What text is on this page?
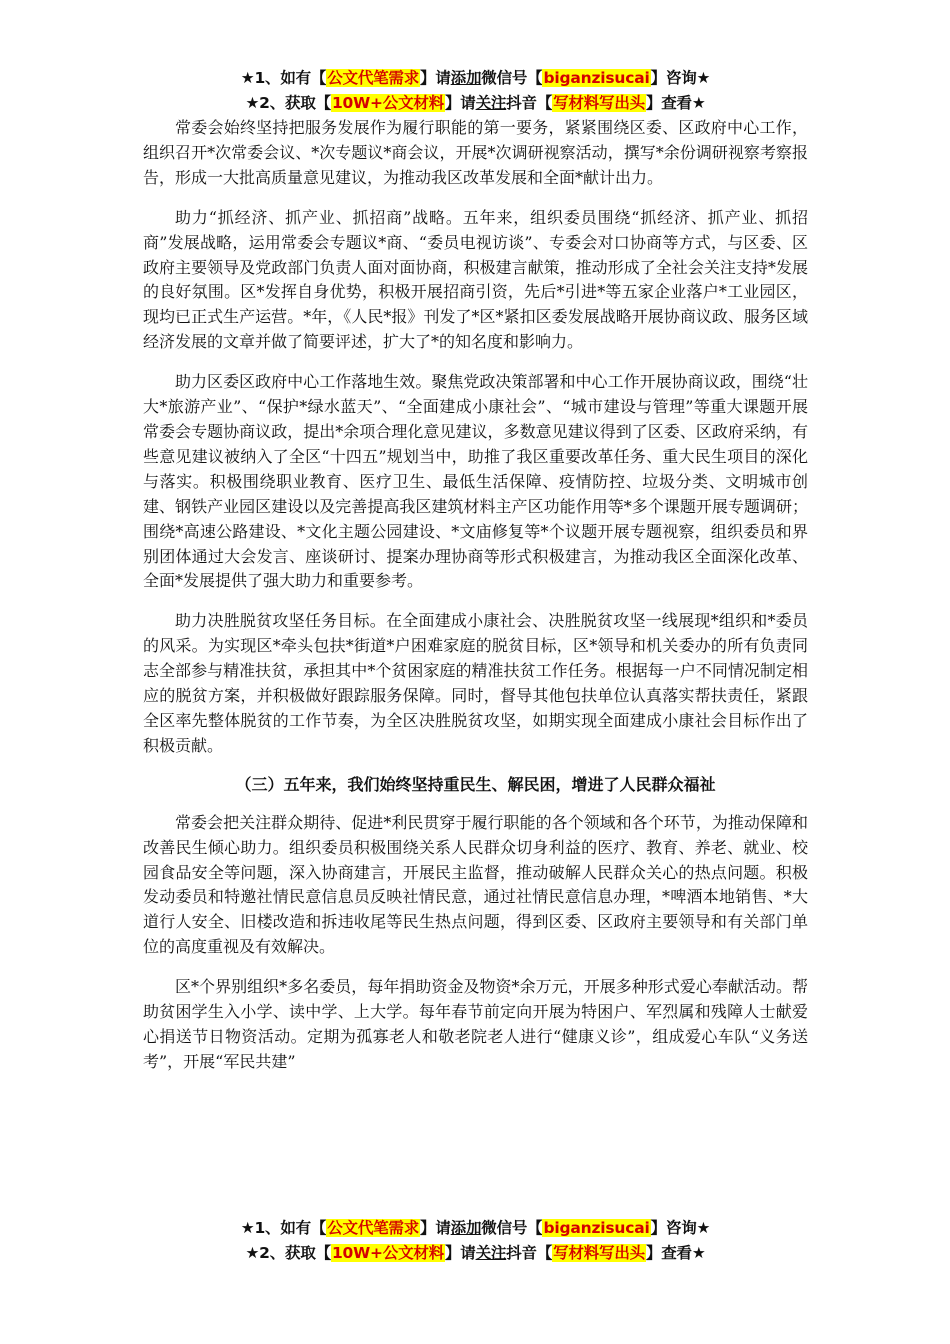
★1、如有【公文代笔需求】请添加微信号【biganzisucai】咨询★
★2、获取【10W+公文材料】请关注抖音【写材料写出头】查看★

常委会始终坚持把服务发展作为履行职能的第一要务，紧紧围绕区委、区政府中心工作，组织召开*次常委会议、*次专题议*商会议，开展*次调研视察活动，撰写*余份调研视察考察报告，形成一大批高质量意见建议，为推动我区改革发展和全面*献计出力。

助力“抓经济、抓产业、抓招商”战略。五年来，组织委员围绕“抓经济、抓产业、抓招商”发展战略，运用常委会专题议*商、“委员电视访谈”、专委会对口协商等方式，与区委、区政府主要领导及党政部门负责人面对面协商，积极建言献策，推动形成了全社会关注支持*发展的良好氛围。区*发挥自身优势，积极开展招商引资，先后*引进*等五家企业落户*工业园区，现均已正式生产运营。*年，《人民*报》刊发了*区*紧扣区委发展战略开展协商议政、服务区域经济发展的文章并做了简要评述，扩大了*的知名度和影响力。

助力区委区政府中心工作落地生效。聚焦党政决策部署和中心工作开展协商议政，围绕“壮大*旅游产业”、“保护*绿水蓝天”、“全面建成小康社会”、“城市建设与管理”等重大课题开展常委会专题协商议政，提出*余项合理化意见建议，多数意见建议得到了区委、区政府采纳，有些意见建议被纳入了全区“十四五”规划当中，助推了我区重要改革任务、重大民生项目的深化与落实。积极围绕职业教育、医疗卫生、最低生活保障、疫情防控、垃圾分类、文明城市创建、钢铁产业园区建设以及完善提高我区建筑材料主产区功能作用等*多个课题开展专题调研；围绕*高速公路建设、*文化主题公园建设、*文庙修复等*个议题开展专题视察，组织委员和界别团体通过大会发言、座谈研讨、提案办理协商等形式积极建言，为推动我区全面深化改革、全面*发展提供了强大助力和重要参考。

助力决胜脱贫攻坚任务目标。在全面建成小康社会、决胜脱贫攻坚一线展现*组织和*委员的风采。为实现区*牵头包扶*街道*户困难家庭的脱贫目标，区*领导和机关委办的所有负责同志全部参与精准扶贫，承担其中*个贫困家庭的精准扶贫工作任务。根据每一户不同情况制定相应的脱贫方案，并积极做好跟踪服务保障。同时，督导其他包扶单位认真落实帮扶责任，紧跟全区率先整体脱贫的工作节奏，为全区决胜脱贫攻坚，如期实现全面建成小康社会目标作出了积极贡献。

（三）五年来，我们始终坚持重民生、解民困，增进了人民群众福祉

常委会把关注群众期待、促进*利民贯穿于履行职能的各个领域和各个环节，为推动保障和改善民生倾心助力。组织委员积极围绕关系人民群众切身利益的医疗、教育、养老、就业、校园食品安全等问题，深入协商建言，开展民主监督，推动破解人民群众关心的热点问题。积极发动委员和特邀社情民意信息员反映社情民意，通过社情民意信息办理，*啤酒本地销售、*大道行人安全、旧楼改造和拆违收尾等民生热点问题，得到区委、区政府主要领导和有关部门单位的高度重视及有效解决。

区*个界别组织*多名委员，每年捐助资金及物资*余万元，开展多种形式爱心奉献活动。帮助贫困学生入小学、读中学、上大学。每年春节前定向开展为特困户、军烈属和残障人士献爱心捐送节日物资活动。定期为孤寡老人和敬老院老人进行“健康义诊”，组成爱心车队“义务送考”，开展“军民共建”

★1、如有【公文代笔需求】请添加微信号【biganzisucai】咨询★
★2、获取【10W+公文材料】请关注抖音【写材料写出头】查看★
